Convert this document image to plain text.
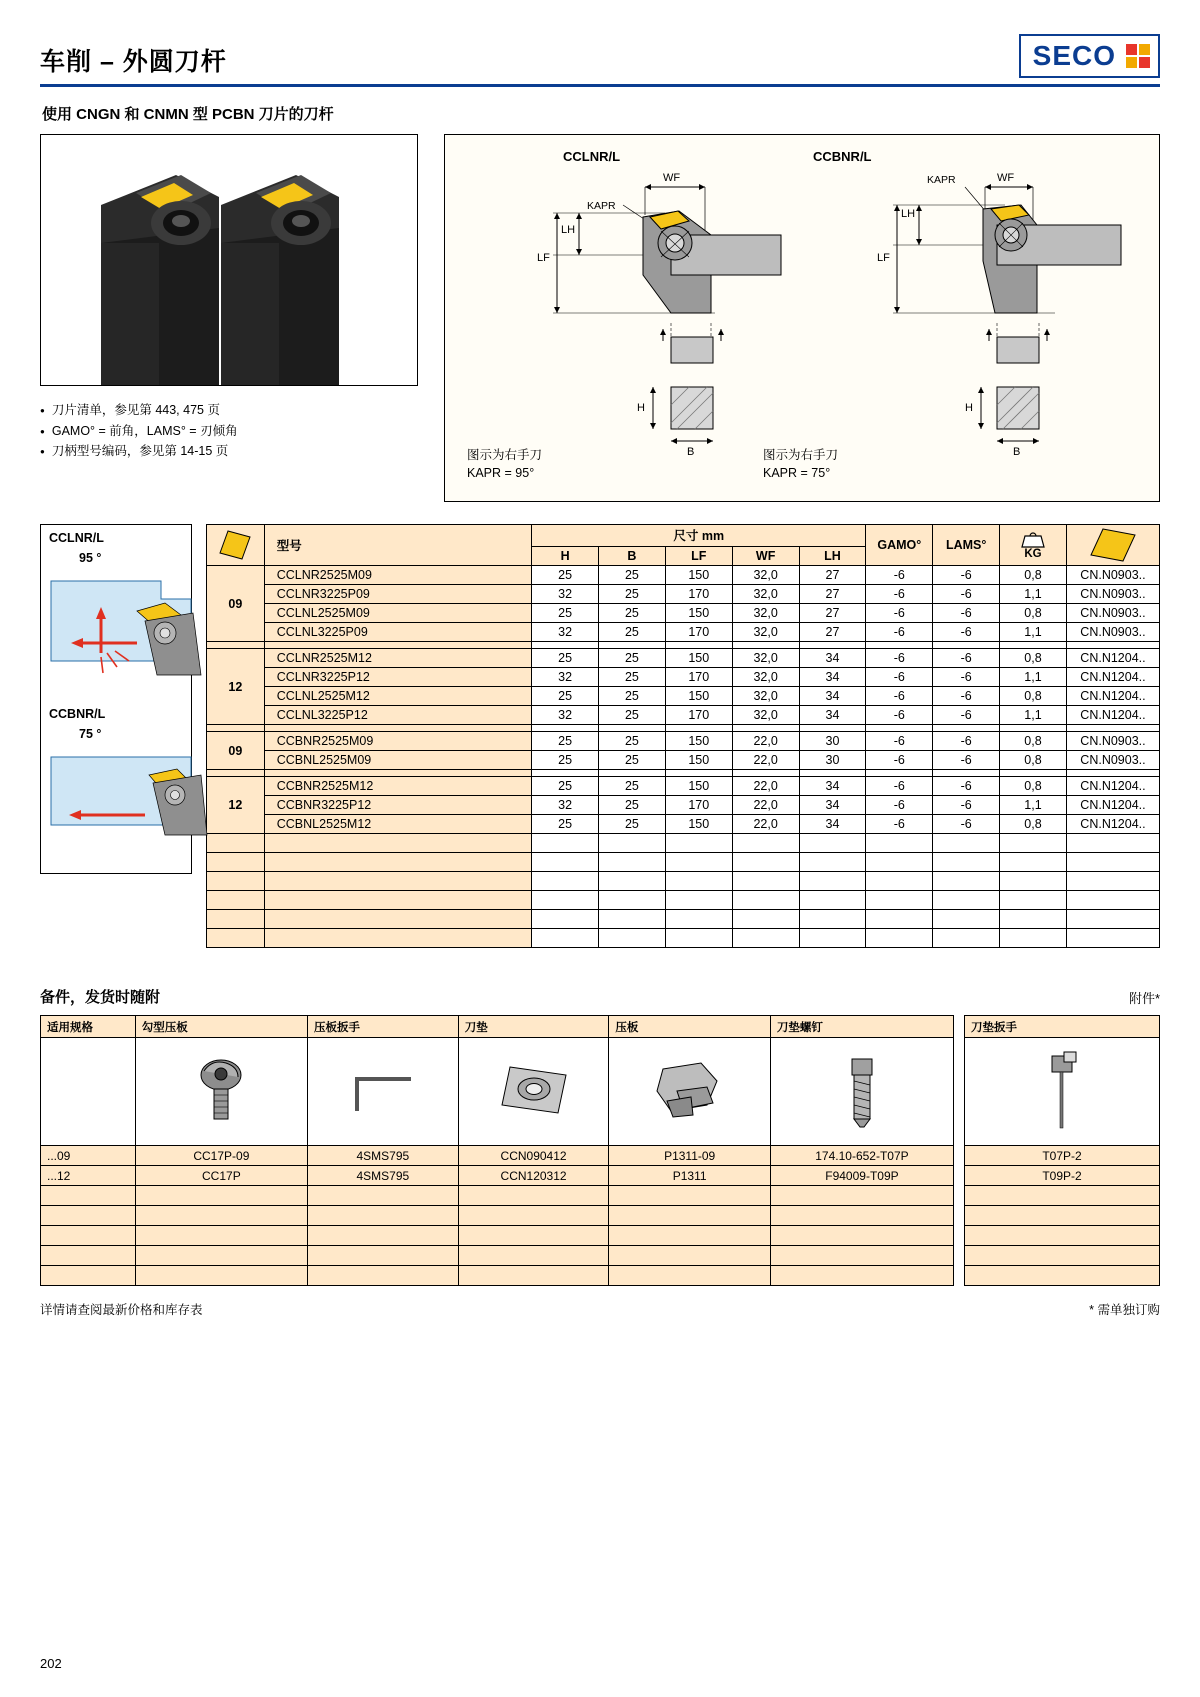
车削 – 外圆刀杆	SECO
使用 CNGN 和 CNMN 型 PCBN 刀片的刀杆
● 刀片清单，参见第 443, 475 页
● GAMO° = 前角，LAMS° = 刃倾角
● 刀柄型号编码，参见第 14-15 页
CCLNR/L	CCBNR/L
WF
KAPR
LH
LF
H
B
WF
KAPR
LH
LF
H
B
图示为右手刀
KAPR = 95°
图示为右手刀
KAPR = 75°
CCLNR/L
95 °
CCBNR/L
75 °
	型号	尺寸 mm					GAMO°	LAMS°	KG

		H	B	LF	WF	LH				
09	CCLNR2525M09	25	25	150	32,0	27	-6	-6	0,8	CN.N0903..
	CCLNR3225P09	32	25	170	32,0	27	-6	-6	1,1	CN.N0903..
	CCLNL2525M09	25	25	150	32,0	27	-6	-6	0,8	CN.N0903..
	CCLNL3225P09	32	25	170	32,0	27	-6	-6	1,1	CN.N0903..

12	CCLNR2525M12	25	25	150	32,0	34	-6	-6	0,8	CN.N1204..
	CCLNR3225P12	32	25	170	32,0	34	-6	-6	1,1	CN.N1204..
	CCLNL2525M12	25	25	150	32,0	34	-6	-6	0,8	CN.N1204..
	CCLNL3225P12	32	25	170	32,0	34	-6	-6	1,1	CN.N1204..

09	CCBNR2525M09	25	25	150	22,0	30	-6	-6	0,8	CN.N0903..
	CCBNL2525M09	25	25	150	22,0	30	-6	-6	0,8	CN.N0903..

12	CCBNR2525M12	25	25	150	22,0	34	-6	-6	0,8	CN.N1204..
	CCBNR3225P12	32	25	170	22,0	34	-6	-6	1,1	CN.N1204..
	CCBNL2525M12	25	25	150	22,0	34	-6	-6	0,8	CN.N1204..

备件，发货时随附	附件*
适用规格	勾型压板	压板扳手	刀垫	压板	刀垫螺钉

...09	CC17P-09	4SMS795	CCN090412	P1311-09	174.10-652-T07P
...12	CC17P	4SMS795	CCN120312	P1311	F94009-T09P

刀垫扳手

T07P-2
T09P-2

详情请查阅最新价格和库存表	* 需单独订购
202
